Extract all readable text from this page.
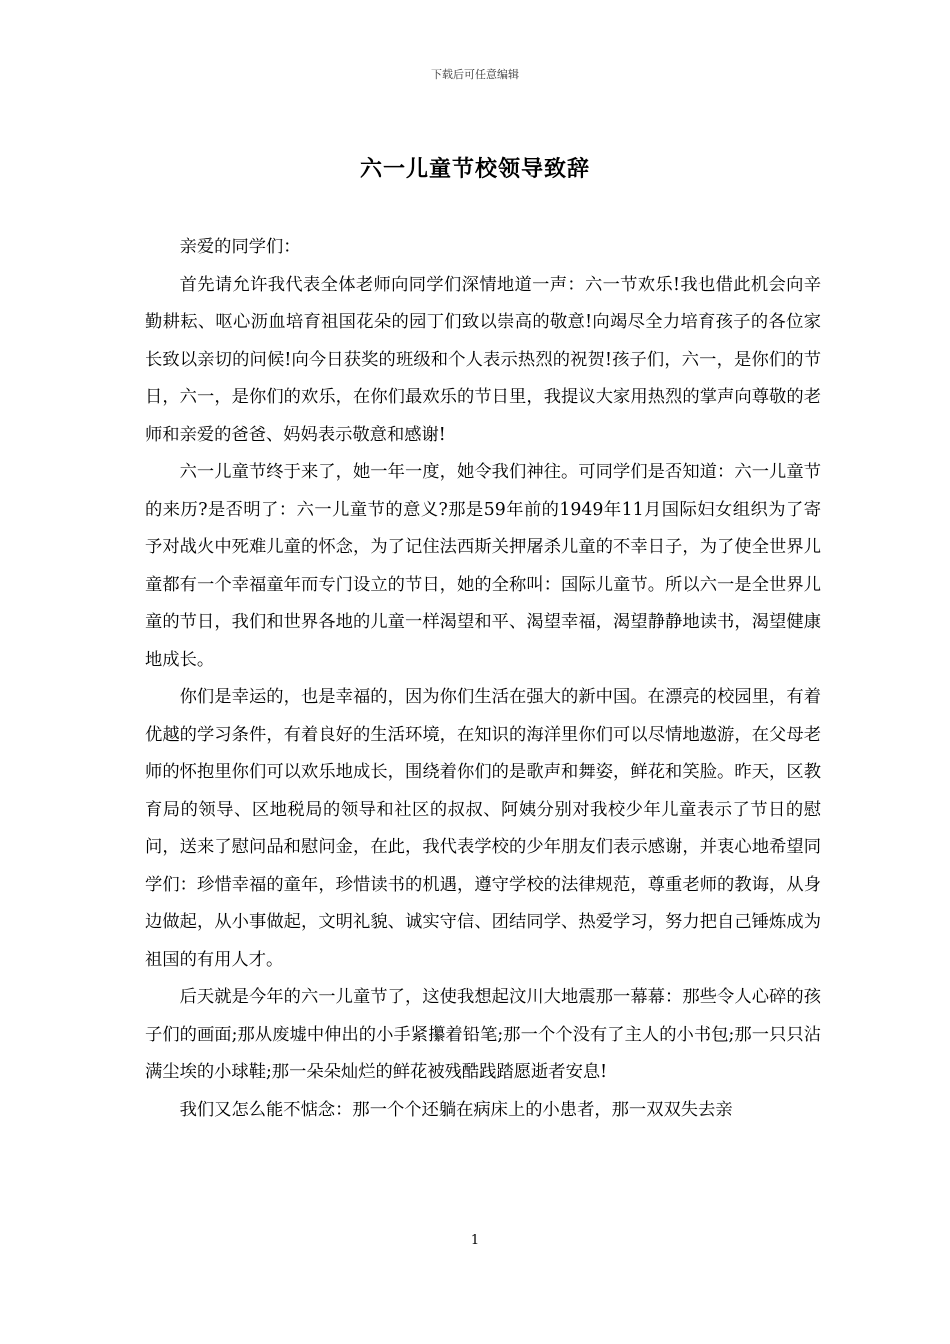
下载后可任意编辑
六一儿童节校领导致辞

亲爱的同学们：

首先请允许我代表全体老师向同学们深情地道一声：六一节欢乐!我也借此机会向辛勤耕耘、呕心沥血培育祖国花朵的园丁们致以崇高的敬意!向竭尽全力培育孩子的各位家长致以亲切的问候!向今日获奖的班级和个人表示热烈的祝贺!孩子们，六一，是你们的节日，六一，是你们的欢乐，在你们最欢乐的节日里，我提议大家用热烈的掌声向尊敬的老师和亲爱的爸爸、妈妈表示敬意和感谢!

六一儿童节终于来了，她一年一度，她令我们神往。可同学们是否知道：六一儿童节的来历?是否明了：六一儿童节的意义?那是59年前的1949年11月国际妇女组织为了寄予对战火中死难儿童的怀念，为了记住法西斯关押屠杀儿童的不幸日子，为了使全世界儿童都有一个幸福童年而专门设立的节日，她的全称叫：国际儿童节。所以六一是全世界儿童的节日，我们和世界各地的儿童一样渴望和平、渴望幸福，渴望静静地读书，渴望健康地成长。

你们是幸运的，也是幸福的，因为你们生活在强大的新中国。在漂亮的校园里，有着优越的学习条件，有着良好的生活环境，在知识的海洋里你们可以尽情地遨游，在父母老师的怀抱里你们可以欢乐地成长，围绕着你们的是歌声和舞姿，鲜花和笑脸。昨天，区教育局的领导、区地税局的领导和社区的叔叔、阿姨分别对我校少年儿童表示了节日的慰问，送来了慰问品和慰问金，在此，我代表学校的少年朋友们表示感谢，并衷心地希望同学们：珍惜幸福的童年，珍惜读书的机遇，遵守学校的法律规范，尊重老师的教诲，从身边做起，从小事做起，文明礼貌、诚实守信、团结同学、热爱学习，努力把自己锤炼成为祖国的有用人才。

后天就是今年的六一儿童节了，这使我想起汶川大地震那一幕幕：那些令人心碎的孩子们的画面;那从废墟中伸出的小手紧攥着铅笔;那一个个没有了主人的小书包;那一只只沾满尘埃的小球鞋;那一朵朵灿烂的鲜花被残酷践踏愿逝者安息!

我们又怎么能不惦念：那一个个还躺在病床上的小患者，那一双双失去亲

1
